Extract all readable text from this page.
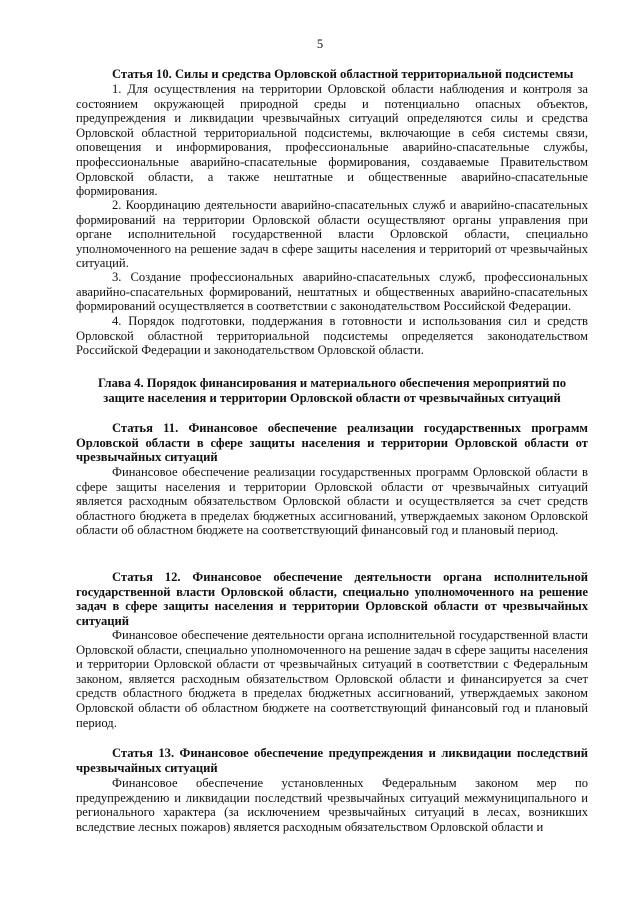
5
Статья 10. Силы и средства Орловской областной территориальной подсистемы
1. Для осуществления на территории Орловской области наблюдения и контроля за состоянием окружающей природной среды и потенциально опасных объектов, предупреждения и ликвидации чрезвычайных ситуаций определяются силы и средства Орловской областной территориальной подсистемы, включающие в себя системы связи, оповещения и информирования, профессиональные аварийно-спасательные службы, профессиональные аварийно-спасательные формирования, создаваемые Правительством Орловской области, а также нештатные и общественные аварийно-спасательные формирования.
2. Координацию деятельности аварийно-спасательных служб и аварийно-спасательных формирований на территории Орловской области осуществляют органы управления при органе исполнительной государственной власти Орловской области, специально уполномоченного на решение задач в сфере защиты населения и территорий от чрезвычайных ситуаций.
3. Создание профессиональных аварийно-спасательных служб, профессиональных аварийно-спасательных формирований, нештатных и общественных аварийно-спасательных формирований осуществляется в соответствии с законодательством Российской Федерации.
4. Порядок подготовки, поддержания в готовности и использования сил и средств Орловской областной территориальной подсистемы определяется законодательством Российской Федерации и законодательством Орловской области.
Глава 4. Порядок финансирования и материального обеспечения мероприятий по защите населения и территории Орловской области от чрезвычайных ситуаций
Статья 11. Финансовое обеспечение реализации государственных программ Орловской области в сфере защиты населения и территории Орловской области от чрезвычайных ситуаций
Финансовое обеспечение реализации государственных программ Орловской области в сфере защиты населения и территории Орловской области от чрезвычайных ситуаций является расходным обязательством Орловской области и осуществляется за счет средств областного бюджета в пределах бюджетных ассигнований, утверждаемых законом Орловской области об областном бюджете на соответствующий финансовый год и плановый период.
Статья 12. Финансовое обеспечение деятельности органа исполнительной государственной власти Орловской области, специально уполномоченного на решение задач в сфере защиты населения и территории Орловской области от чрезвычайных ситуаций
Финансовое обеспечение деятельности органа исполнительной государственной власти Орловской области, специально уполномоченного на решение задач в сфере защиты населения и территории Орловской области от чрезвычайных ситуаций в соответствии с Федеральным законом, является расходным обязательством Орловской области и финансируется за счет средств областного бюджета в пределах бюджетных ассигнований, утверждаемых законом Орловской области об областном бюджете на соответствующий финансовый год и плановый период.
Статья 13. Финансовое обеспечение предупреждения и ликвидации последствий чрезвычайных ситуаций
Финансовое обеспечение установленных Федеральным законом мер по предупреждению и ликвидации последствий чрезвычайных ситуаций межмуниципального и регионального характера (за исключением чрезвычайных ситуаций в лесах, возникших вследствие лесных пожаров) является расходным обязательством Орловской области и
